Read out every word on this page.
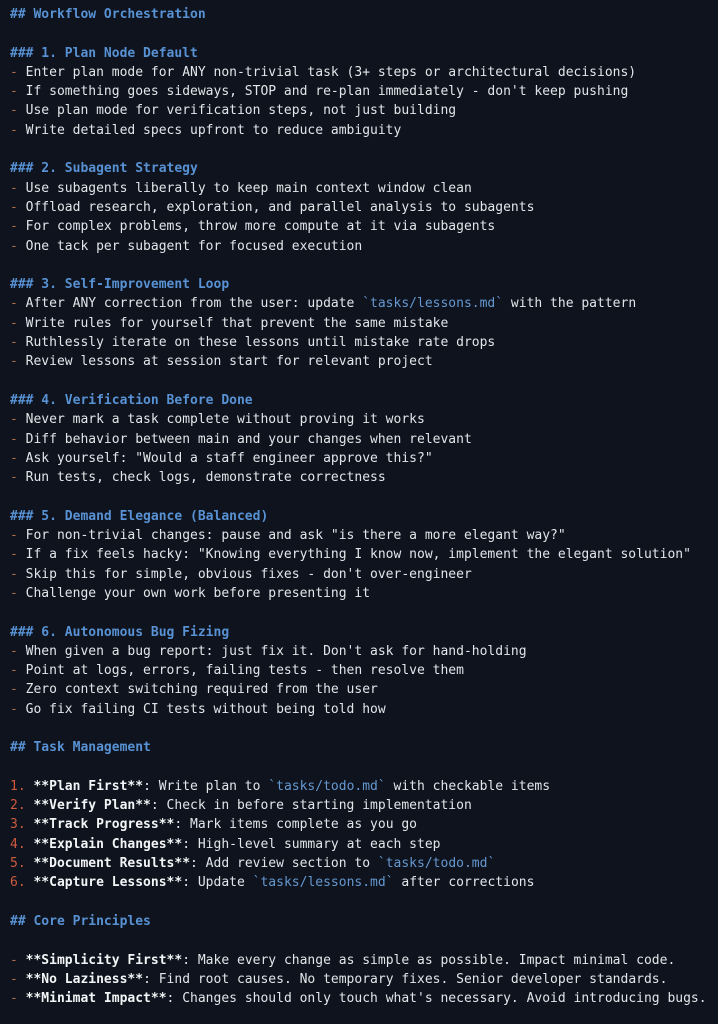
## Workflow Orchestration

### 1. Plan Node Default
- Enter plan mode for ANY non-trivial task (3+ steps or architectural decisions)
- If something goes sideways, STOP and re-plan immediately - don't keep pushing
- Use plan mode for verification steps, not just building
- Write detailed specs upfront to reduce ambiguity

### 2. Subagent Strategy
- Use subagents liberally to keep main context window clean
- Offload research, exploration, and parallel analysis to subagents
- For complex problems, throw more compute at it via subagents
- One tack per subagent for focused execution

### 3. Self-Improvement Loop
- After ANY correction from the user: update `tasks/lessons.md` with the pattern
- Write rules for yourself that prevent the same mistake
- Ruthlessly iterate on these lessons until mistake rate drops
- Review lessons at session start for relevant project

### 4. Verification Before Done
- Never mark a task complete without proving it works
- Diff behavior between main and your changes when relevant
- Ask yourself: "Would a staff engineer approve this?"
- Run tests, check logs, demonstrate correctness

### 5. Demand Elegance (Balanced)
- For non-trivial changes: pause and ask "is there a more elegant way?"
- If a fix feels hacky: "Knowing everything I know now, implement the elegant solution"
- Skip this for simple, obvious fixes - don't over-engineer
- Challenge your own work before presenting it

### 6. Autonomous Bug Fizing
- When given a bug report: just fix it. Don't ask for hand-holding
- Point at logs, errors, failing tests - then resolve them
- Zero context switching required from the user
- Go fix failing CI tests without being told how

## Task Management

1. **Plan First**: Write plan to `tasks/todo.md` with checkable items
2. **Verify Plan**: Check in before starting implementation
3. **Track Progress**: Mark items complete as you go
4. **Explain Changes**: High-level summary at each step
5. **Document Results**: Add review section to `tasks/todo.md`
6. **Capture Lessons**: Update `tasks/lessons.md` after corrections

## Core Principles

- **Simplicity First**: Make every change as simple as possible. Impact minimal code.
- **No Laziness**: Find root causes. No temporary fixes. Senior developer standards.
- **Minimat Impact**: Changes should only touch what's necessary. Avoid introducing bugs.
